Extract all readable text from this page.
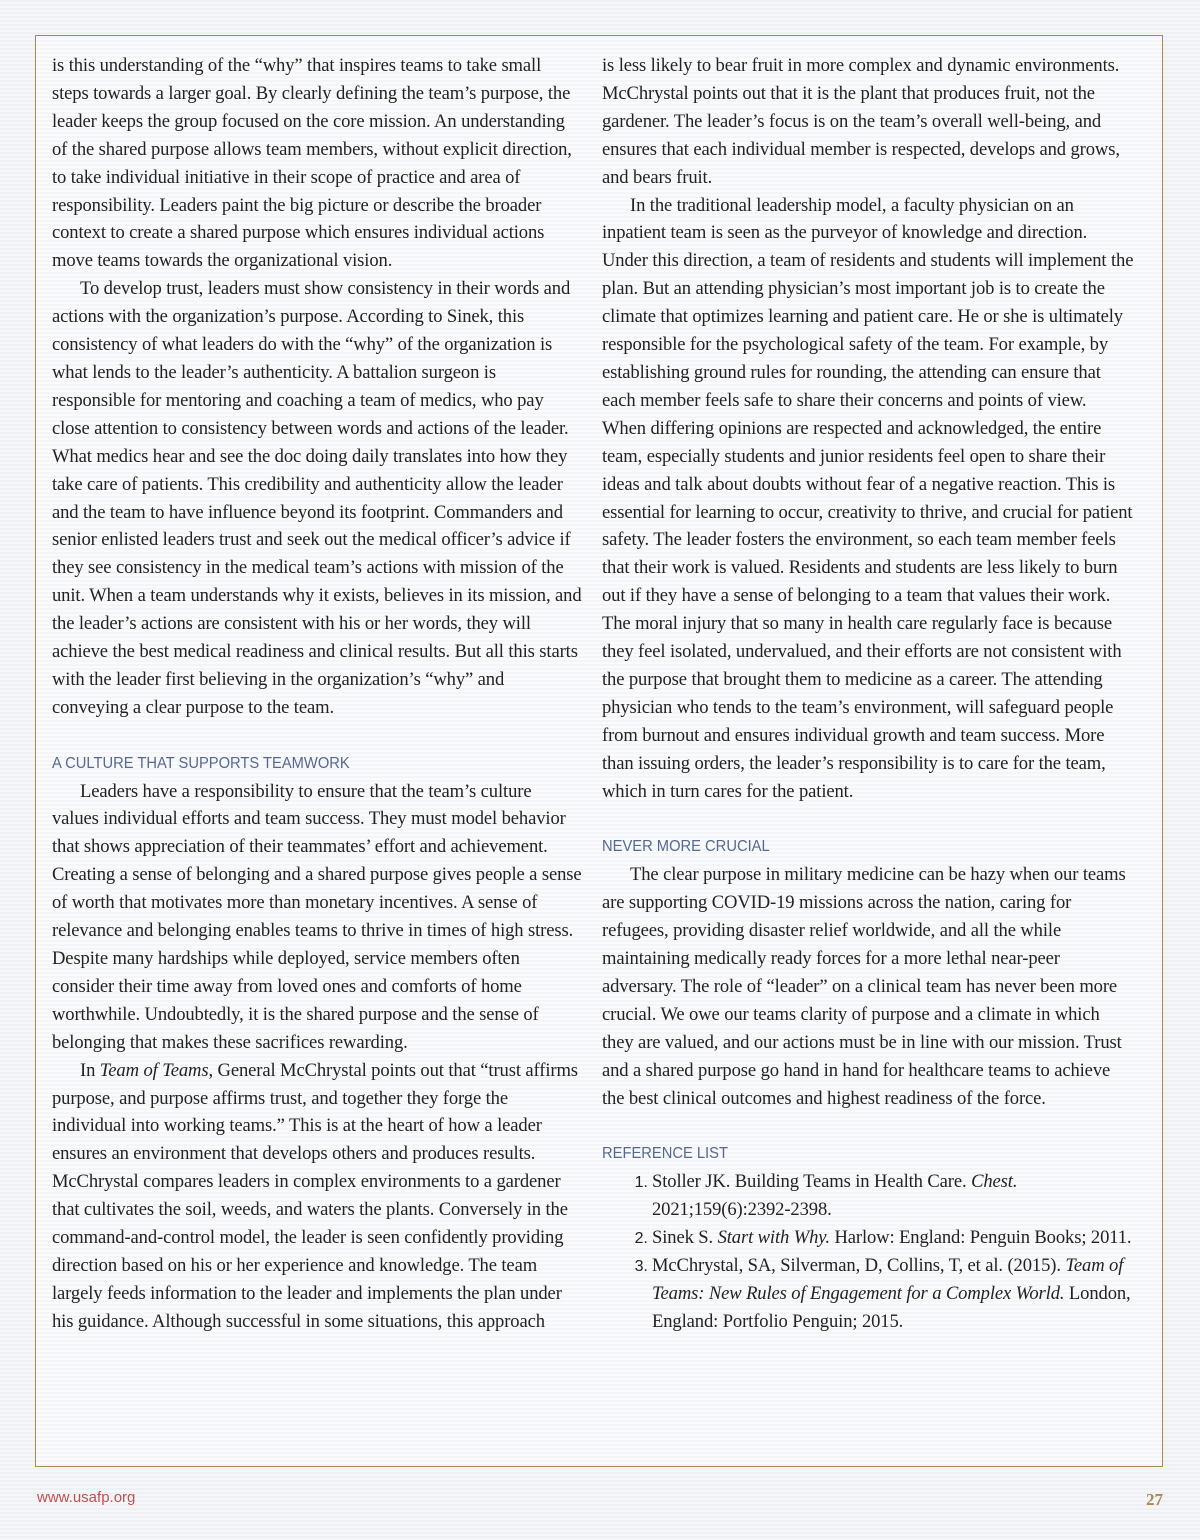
is this understanding of the “why” that inspires teams to take small steps towards a larger goal. By clearly defining the team’s purpose, the leader keeps the group focused on the core mission. An understanding of the shared purpose allows team members, without explicit direction, to take individual initiative in their scope of practice and area of responsibility. Leaders paint the big picture or describe the broader context to create a shared purpose which ensures individual actions move teams towards the organizational vision.

To develop trust, leaders must show consistency in their words and actions with the organization’s purpose. According to Sinek, this consistency of what leaders do with the “why” of the organization is what lends to the leader’s authenticity. A battalion surgeon is responsible for mentoring and coaching a team of medics, who pay close attention to consistency between words and actions of the leader. What medics hear and see the doc doing daily translates into how they take care of patients. This credibility and authenticity allow the leader and the team to have influence beyond its footprint. Commanders and senior enlisted leaders trust and seek out the medical officer’s advice if they see consistency in the medical team’s actions with mission of the unit. When a team understands why it exists, believes in its mission, and the leader’s actions are consistent with his or her words, they will achieve the best medical readiness and clinical results. But all this starts with the leader first believing in the organization’s “why” and conveying a clear purpose to the team.

A CULTURE THAT SUPPORTS TEAMWORK

Leaders have a responsibility to ensure that the team’s culture values individual efforts and team success. They must model behavior that shows appreciation of their teammates’ effort and achievement. Creating a sense of belonging and a shared purpose gives people a sense of worth that motivates more than monetary incentives. A sense of relevance and belonging enables teams to thrive in times of high stress. Despite many hardships while deployed, service members often consider their time away from loved ones and comforts of home worthwhile. Undoubtedly, it is the shared purpose and the sense of belonging that makes these sacrifices rewarding.

In Team of Teams, General McChrystal points out that “trust affirms purpose, and purpose affirms trust, and together they forge the individual into working teams.” This is at the heart of how a leader ensures an environment that develops others and produces results. McChrystal compares leaders in complex environments to a gardener that cultivates the soil, weeds, and waters the plants. Conversely in the command-and-control model, the leader is seen confidently providing direction based on his or her experience and knowledge. The team largely feeds information to the leader and implements the plan under his guidance. Although successful in some situations, this approach

is less likely to bear fruit in more complex and dynamic environments. McChrystal points out that it is the plant that produces fruit, not the gardener. The leader’s focus is on the team’s overall well-being, and ensures that each individual member is respected, develops and grows, and bears fruit.

In the traditional leadership model, a faculty physician on an inpatient team is seen as the purveyor of knowledge and direction. Under this direction, a team of residents and students will implement the plan. But an attending physician’s most important job is to create the climate that optimizes learning and patient care. He or she is ultimately responsible for the psychological safety of the team. For example, by establishing ground rules for rounding, the attending can ensure that each member feels safe to share their concerns and points of view. When differing opinions are respected and acknowledged, the entire team, especially students and junior residents feel open to share their ideas and talk about doubts without fear of a negative reaction. This is essential for learning to occur, creativity to thrive, and crucial for patient safety. The leader fosters the environment, so each team member feels that their work is valued. Residents and students are less likely to burn out if they have a sense of belonging to a team that values their work. The moral injury that so many in health care regularly face is because they feel isolated, undervalued, and their efforts are not consistent with the purpose that brought them to medicine as a career. The attending physician who tends to the team’s environment, will safeguard people from burnout and ensures individual growth and team success. More than issuing orders, the leader’s responsibility is to care for the team, which in turn cares for the patient.

NEVER MORE CRUCIAL

The clear purpose in military medicine can be hazy when our teams are supporting COVID-19 missions across the nation, caring for refugees, providing disaster relief worldwide, and all the while maintaining medically ready forces for a more lethal near-peer adversary. The role of “leader” on a clinical team has never been more crucial. We owe our teams clarity of purpose and a climate in which they are valued, and our actions must be in line with our mission. Trust and a shared purpose go hand in hand for healthcare teams to achieve the best clinical outcomes and highest readiness of the force.

REFERENCE LIST
1. Stoller JK. Building Teams in Health Care. Chest. 2021;159(6):2392-2398.
2. Sinek S. Start with Why. Harlow: England: Penguin Books; 2011.
3. McChrystal, SA, Silverman, D, Collins, T, et al. (2015). Team of Teams: New Rules of Engagement for a Complex World. London, England: Portfolio Penguin; 2015.
www.usafp.org	27
